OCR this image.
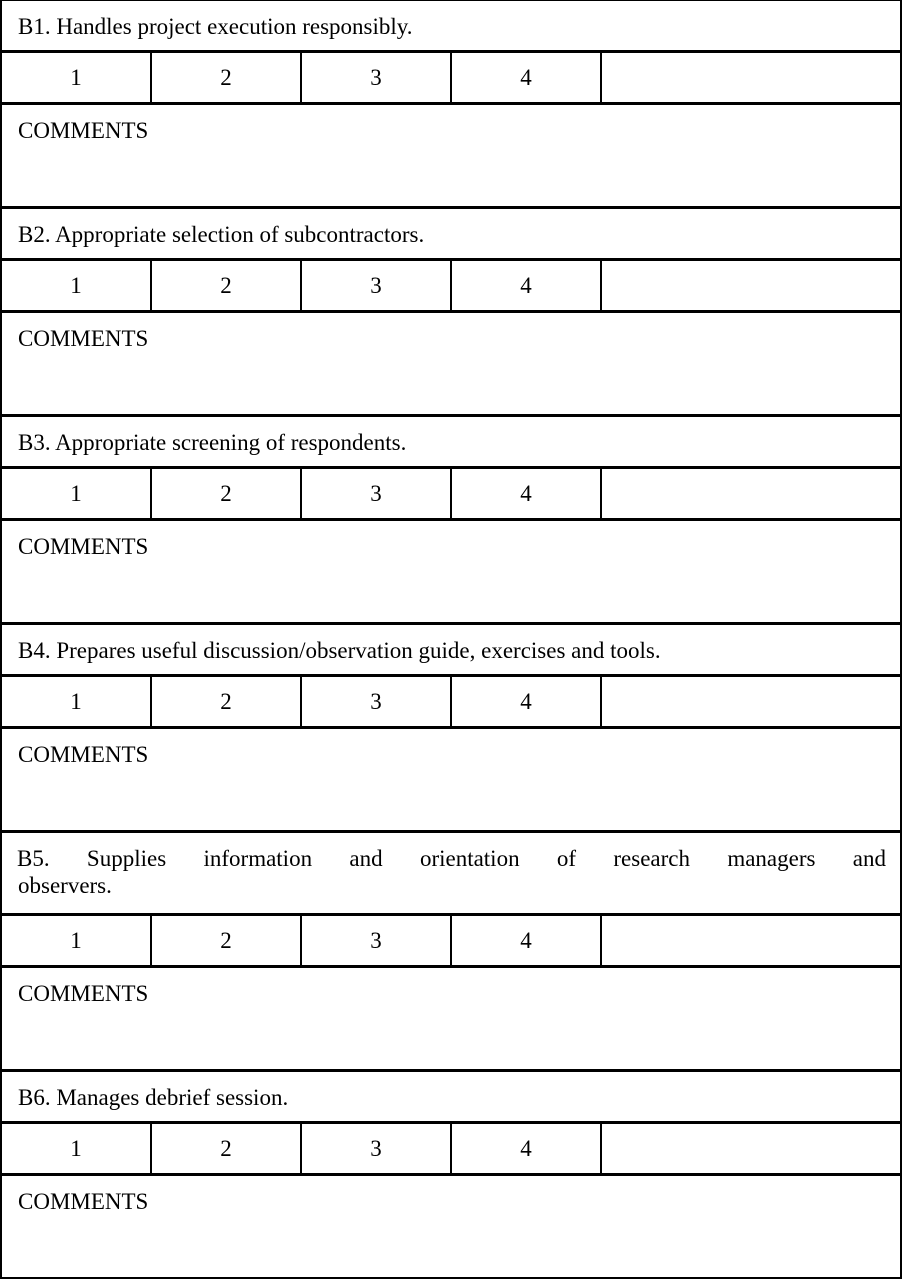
B1. Handles project execution responsibly.
1	2	3	4
COMMENTS
B2. Appropriate selection of subcontractors.
1	2	3	4
COMMENTS
B3. Appropriate screening of respondents.
1	2	3	4
COMMENTS
B4. Prepares useful discussion/observation guide, exercises and tools.
1	2	3	4
COMMENTS
B5. Supplies information and orientation of research managers and
observers.
1	2	3	4
COMMENTS
B6. Manages debrief session.
1	2	3	4
COMMENTS
